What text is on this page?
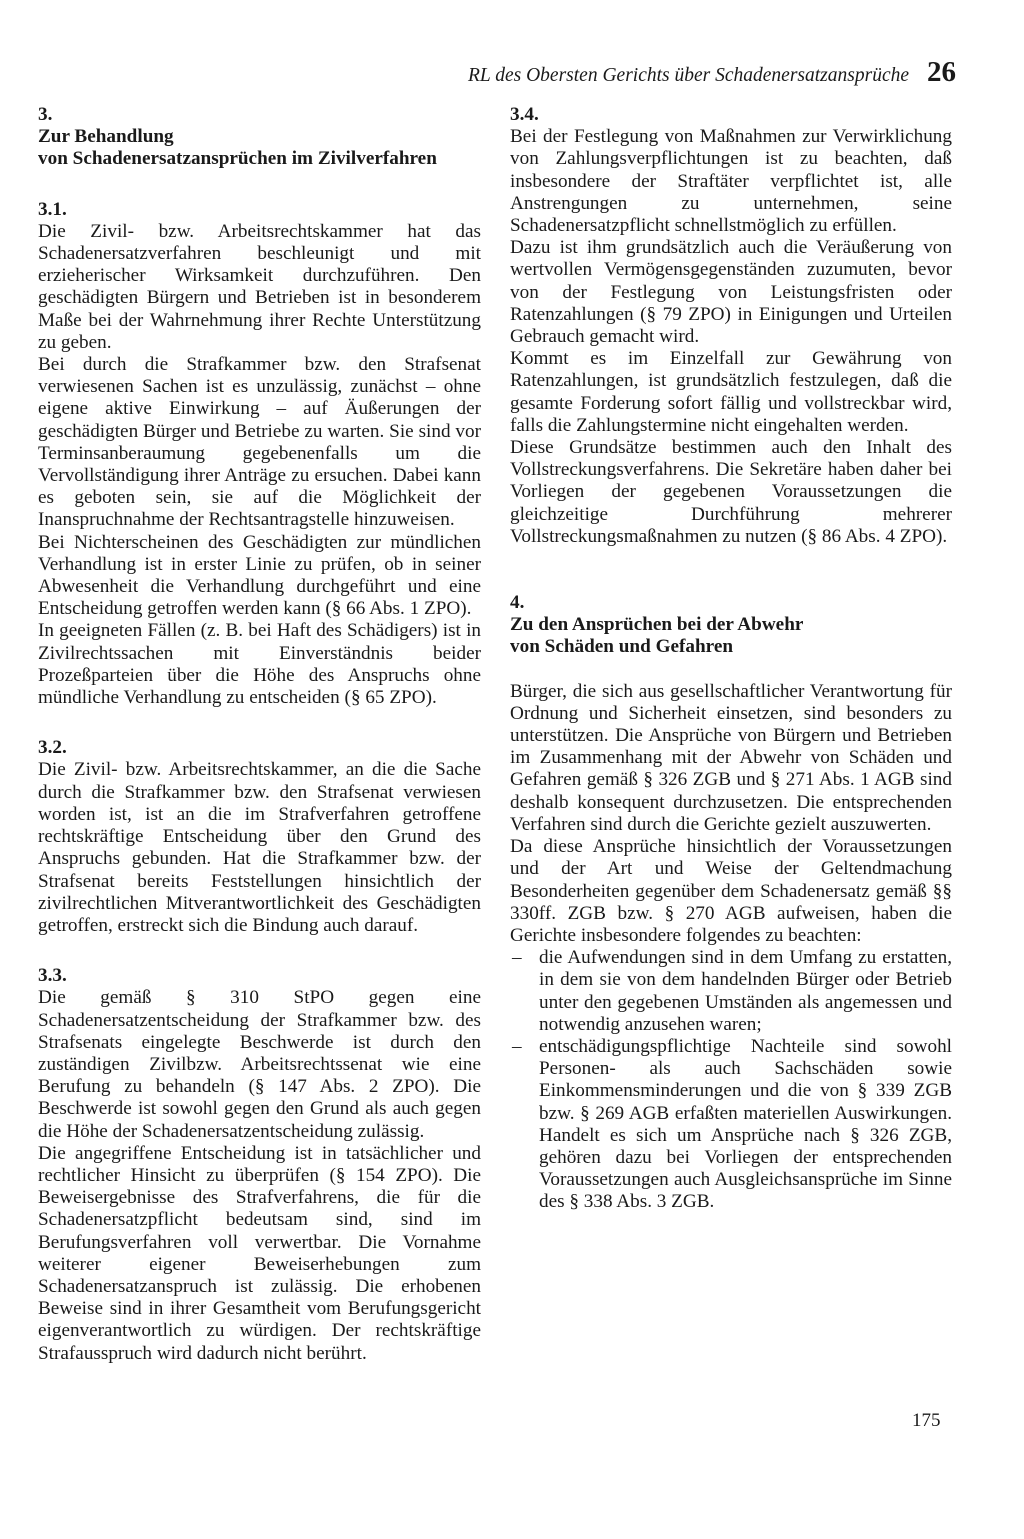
RL des Obersten Gerichts über Schadenersatzansprüche 26

3.

Zur Behandlung

von Schadenersatzansprüchen im Zivilverfahren

3.1.

Die Zivil- bzw. Arbeitsrechtskammer hat das Schadenersatzverfahren beschleunigt und mit erzieherischer Wirksamkeit durchzuführen. Den geschädigten Bürgern und Betrieben ist in besonderem Maße bei der Wahrnehmung ihrer Rechte Unterstützung zu geben.

Bei durch die Strafkammer bzw. den Strafsenat verwiesenen Sachen ist es unzulässig, zunächst – ohne eigene aktive Einwirkung – auf Äußerungen der geschädigten Bürger und Betriebe zu warten. Sie sind vor Terminsanberaumung gegebenenfalls um die Vervollständigung ihrer Anträge zu ersuchen. Dabei kann es geboten sein, sie auf die Möglichkeit der Inanspruchnahme der Rechtsantragstelle hinzuweisen.

Bei Nichterscheinen des Geschädigten zur mündlichen Verhandlung ist in erster Linie zu prüfen, ob in seiner Abwesenheit die Verhandlung durchgeführt und eine Entscheidung getroffen werden kann (§ 66 Abs. 1 ZPO).

In geeigneten Fällen (z. B. bei Haft des Schädigers) ist in Zivilrechtssachen mit Einverständnis beider Prozeßparteien über die Höhe des Anspruchs ohne mündliche Verhandlung zu entscheiden (§ 65 ZPO).

3.2.

Die Zivil- bzw. Arbeitsrechtskammer, an die die Sache durch die Strafkammer bzw. den Strafsenat verwiesen worden ist, ist an die im Strafverfahren getroffene rechtskräftige Entscheidung über den Grund des Anspruchs gebunden. Hat die Strafkammer bzw. der Strafsenat bereits Feststellungen hinsichtlich der zivilrechtlichen Mitverantwortlichkeit des Geschädigten getroffen, erstreckt sich die Bindung auch darauf.

3.3.

Die gemäß § 310 StPO gegen eine Schadenersatzentscheidung der Strafkammer bzw. des Strafsenats eingelegte Beschwerde ist durch den zuständigen Zivilbzw. Arbeitsrechtssenat wie eine Berufung zu behandeln (§ 147 Abs. 2 ZPO). Die Beschwerde ist sowohl gegen den Grund als auch gegen die Höhe der Schadenersatzentscheidung zulässig.

Die angegriffene Entscheidung ist in tatsächlicher und rechtlicher Hinsicht zu überprüfen (§ 154 ZPO). Die Beweisergebnisse des Strafverfahrens, die für die Schadenersatzpflicht bedeutsam sind, sind im Berufungsverfahren voll verwertbar. Die Vornahme weiterer eigener Beweiserhebungen zum Schadenersatzanspruch ist zulässig. Die erhobenen Beweise sind in ihrer Gesamtheit vom Berufungsgericht eigenverantwortlich zu würdigen. Der rechtskräftige Strafausspruch wird dadurch nicht berührt.

3.4.

Bei der Festlegung von Maßnahmen zur Verwirklichung von Zahlungsverpflichtungen ist zu beachten, daß insbesondere der Straftäter verpflichtet ist, alle Anstrengungen zu unternehmen, seine Schadenersatzpflicht schnellstmöglich zu erfüllen.

Dazu ist ihm grundsätzlich auch die Veräußerung von wertvollen Vermögensgegenständen zuzumuten, bevor von der Festlegung von Leistungsfristen oder Ratenzahlungen (§ 79 ZPO) in Einigungen und Urteilen Gebrauch gemacht wird.

Kommt es im Einzelfall zur Gewährung von Ratenzahlungen, ist grundsätzlich festzulegen, daß die gesamte Forderung sofort fällig und vollstreckbar wird, falls die Zahlungstermine nicht eingehalten werden.

Diese Grundsätze bestimmen auch den Inhalt des Vollstreckungsverfahrens. Die Sekretäre haben daher bei Vorliegen der gegebenen Voraussetzungen die gleichzeitige Durchführung mehrerer Vollstreckungsmaßnahmen zu nutzen (§ 86 Abs. 4 ZPO).

4.

Zu den Ansprüchen bei der Abwehr

von Schäden und Gefahren

Bürger, die sich aus gesellschaftlicher Verantwortung für Ordnung und Sicherheit einsetzen, sind besonders zu unterstützen. Die Ansprüche von Bürgern und Betrieben im Zusammenhang mit der Abwehr von Schäden und Gefahren gemäß § 326 ZGB und § 271 Abs. 1 AGB sind deshalb konsequent durchzusetzen. Die entsprechenden Verfahren sind durch die Gerichte gezielt auszuwerten.

Da diese Ansprüche hinsichtlich der Voraussetzungen und der Art und Weise der Geltendmachung Besonderheiten gegenüber dem Schadenersatz gemäß §§ 330ff. ZGB bzw. § 270 AGB aufweisen, haben die Gerichte insbesondere folgendes zu beachten:

– die Aufwendungen sind in dem Umfang zu erstatten, in dem sie von dem handelnden Bürger oder Betrieb unter den gegebenen Umständen als angemessen und notwendig anzusehen waren;
– entschädigungspflichtige Nachteile sind sowohl Personen- als auch Sachschäden sowie Einkommensminderungen und die von § 339 ZGB bzw. § 269 AGB erfaßten materiellen Auswirkungen. Handelt es sich um Ansprüche nach § 326 ZGB, gehören dazu bei Vorliegen der entsprechenden Voraussetzungen auch Ausgleichsansprüche im Sinne des § 338 Abs. 3 ZGB.
175
